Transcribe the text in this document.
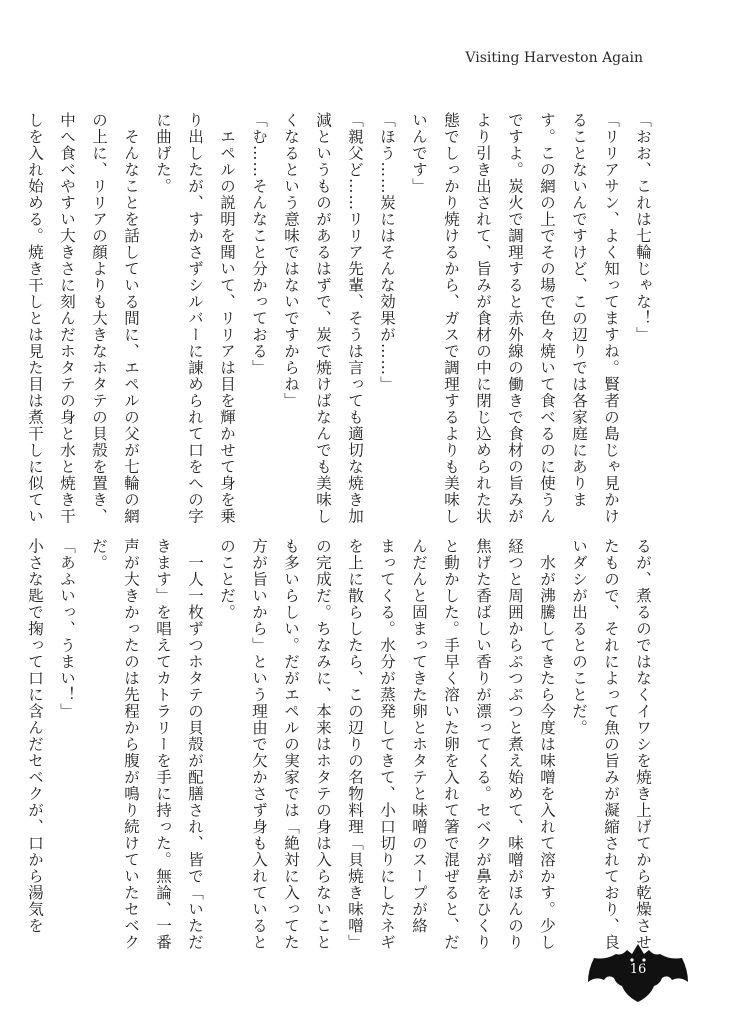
Visiting Harveston Again

「おお、これは七輪じゃな！」

「リリアサン、よく知ってますね。賢者の島じゃ見かけ

ることないんですけど、この辺りでは各家庭にありま

す。この網の上でその場で色々焼いて食べるのに使うん

ですよ。炭火で調理すると赤外線の働きで食材の旨みが

より引き出されて、旨みが食材の中に閉じ込められた状

態でしっかり焼けるから、ガスで調理するよりも美味し

いんです」

「ほう……炭にはそんな効果が……」

「親父ど……リリア先輩、そうは言っても適切な焼き加

減というものがあるはずで、炭で焼けばなんでも美味し

くなるという意味ではないですからね」

「む……そんなこと分かっておる」

　エペルの説明を聞いて、リリアは目を輝かせて身を乗

り出したが、すかさずシルバーに諌められて口をへの字

に曲げた。

　そんなことを話している間に、エペルの父が七輪の網

の上に、リリアの顔よりも大きなホタテの貝殻を置き、

中へ食べやすい大きさに刻んだホタテの身と水と焼き干

しを入れ始める。焼き干しとは見た目は煮干しに似てい

るが、煮るのではなくイワシを焼き上げてから乾燥させ

たもので、それによって魚の旨みが凝縮されており、良

いダシが出るとのことだ。

　水が沸騰してきたら今度は味噌を入れて溶かす。少し

経つと周囲からぷつぷつと煮え始めて、味噌がほんのり

焦げた香ばしい香りが漂ってくる。セベクが鼻をひくり

と動かした。手早く溶いた卵を入れて箸で混ぜると、だ

んだんと固まってきた卵とホタテと味噌のスープが絡

まってくる。水分が蒸発してきて、小口切りにしたネギ

を上に散らしたら、この辺りの名物料理「貝焼き味噌」

の完成だ。ちなみに、本来はホタテの身は入らないこと

も多いらしい。だがエペルの実家では「絶対に入ってた

方が旨いから」という理由で欠かさず身も入れていると

のことだ。

　一人一枚ずつホタテの貝殻が配膳され、皆で「いただ

きます」を唱えてカトラリーを手に持った。無論、一番

声が大きかったのは先程から腹が鳴り続けていたセベク

だ。

「あふいっ、うまい！」

小さな匙で掬って口に含んだセベクが、口から湯気を

16
